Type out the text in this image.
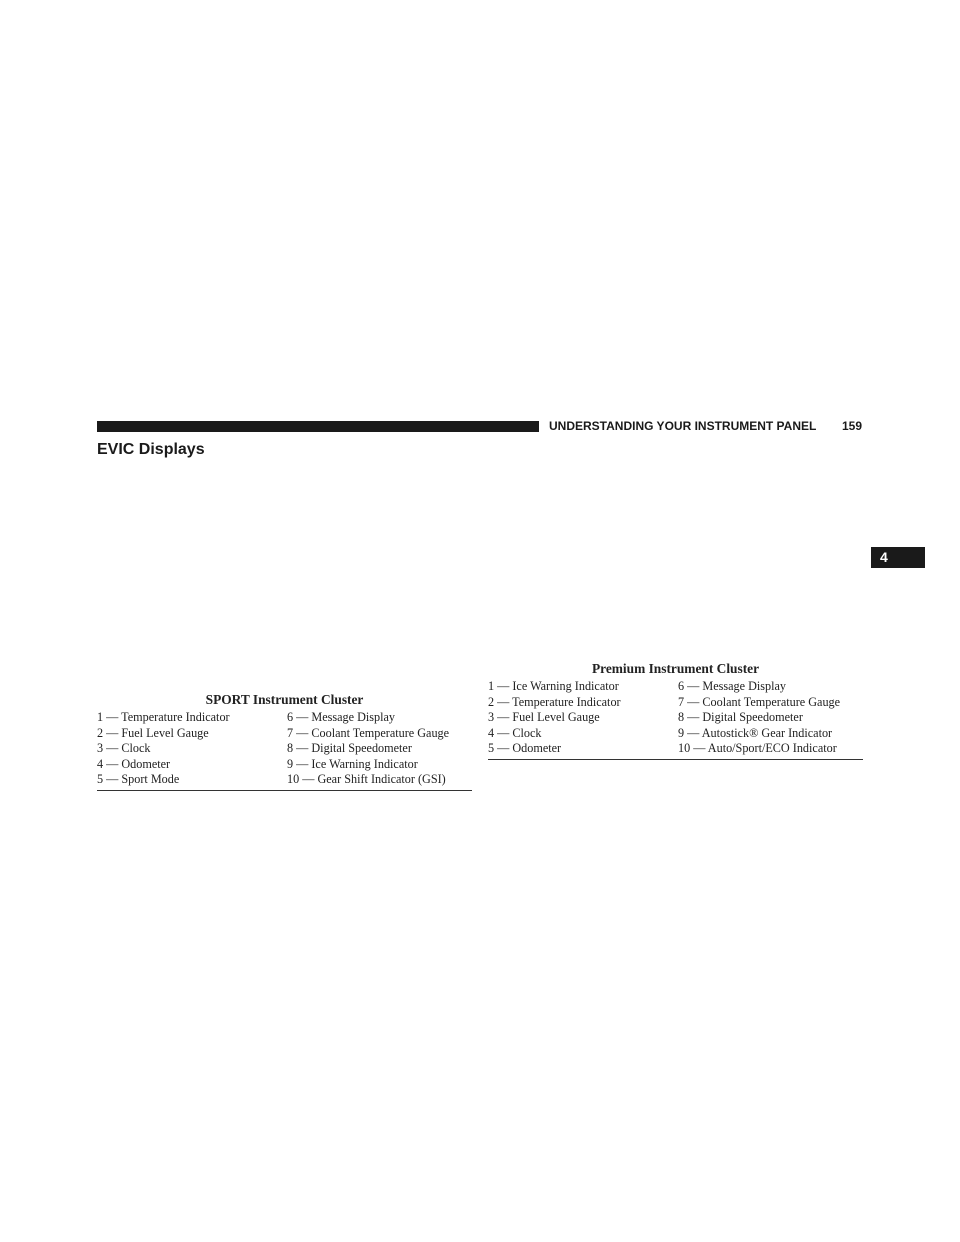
UNDERSTANDING YOUR INSTRUMENT PANEL 159
EVIC Displays
4
SPORT Instrument Cluster
1 — Temperature Indicator	6 — Message Display
2 — Fuel Level Gauge	7 — Coolant Temperature Gauge
3 — Clock	8 — Digital Speedometer
4 — Odometer	9 — Ice Warning Indicator
5 — Sport Mode	10 — Gear Shift Indicator (GSI)
Premium Instrument Cluster
1 — Ice Warning Indicator	6 — Message Display
2 — Temperature Indicator	7 — Coolant Temperature Gauge
3 — Fuel Level Gauge	8 — Digital Speedometer
4 — Clock	9 — Autostick® Gear Indicator
5 — Odometer	10 — Auto/Sport/ECO Indicator
